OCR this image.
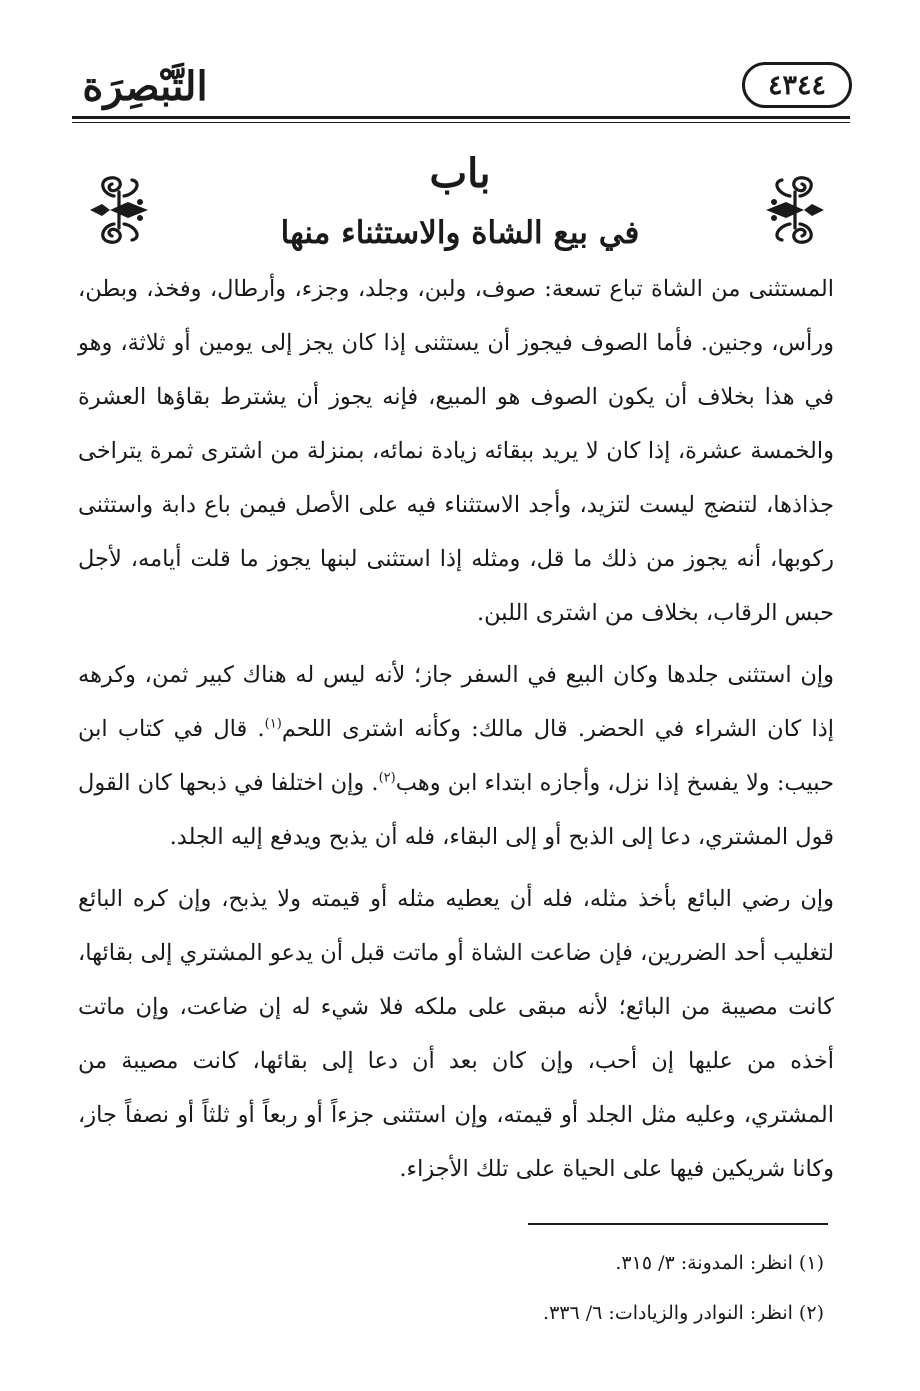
٤٣٤٤
التَّبْصِرَة
باب
في بيع الشاة والاستثناء منها

المستثنى من الشاة تباع تسعة: صوف، ولبن، وجلد، وجزء، وأرطال، وفخذ، وبطن، ورأس، وجنين. فأما الصوف فيجوز أن يستثنى إذا كان يجز إلى يومين أو ثلاثة، وهو في هذا بخلاف أن يكون الصوف هو المبيع، فإنه يجوز أن يشترط بقاؤها العشرة والخمسة عشرة، إذا كان لا يريد ببقائه زيادة نمائه، بمنزلة من اشترى ثمرة يتراخى جذاذها، لتنضج ليست لتزيد، وأجد الاستثناء فيه على الأصل فيمن باع دابة واستثنى ركوبها، أنه يجوز من ذلك ما قل، ومثله إذا استثنى لبنها يجوز ما قلت أيامه، لأجل حبس الرقاب، بخلاف من اشترى اللبن.

وإن استثنى جلدها وكان البيع في السفر جاز؛ لأنه ليس له هناك كبير ثمن، وكرهه إذا كان الشراء في الحضر. قال مالك: وكأنه اشترى اللحم$^{(١)}$. قال في كتاب ابن حبيب: ولا يفسخ إذا نزل، وأجازه ابتداء ابن وهب$^{(٢)}$. وإن اختلفا في ذبحها كان القول قول المشتري، دعا إلى الذبح أو إلى البقاء، فله أن يذبح ويدفع إليه الجلد.

وإن رضي البائع بأخذ مثله، فله أن يعطيه مثله أو قيمته ولا يذبح، وإن كره البائع لتغليب أحد الضررين، فإن ضاعت الشاة أو ماتت قبل أن يدعو المشتري إلى بقائها، كانت مصيبة من البائع؛ لأنه مبقى على ملكه فلا شيء له إن ضاعت، وإن ماتت أخذه من عليها إن أحب، وإن كان بعد أن دعا إلى بقائها، كانت مصيبة من المشتري، وعليه مثل الجلد أو قيمته، وإن استثنى جزءاً أو ربعاً أو ثلثاً أو نصفاً جاز، وكانا شريكين فيها على الحياة على تلك الأجزاء.

(١) انظر: المدونة: ٣/ ٣١٥.

(٢) انظر: النوادر والزيادات: ٦/ ٣٣٦.
